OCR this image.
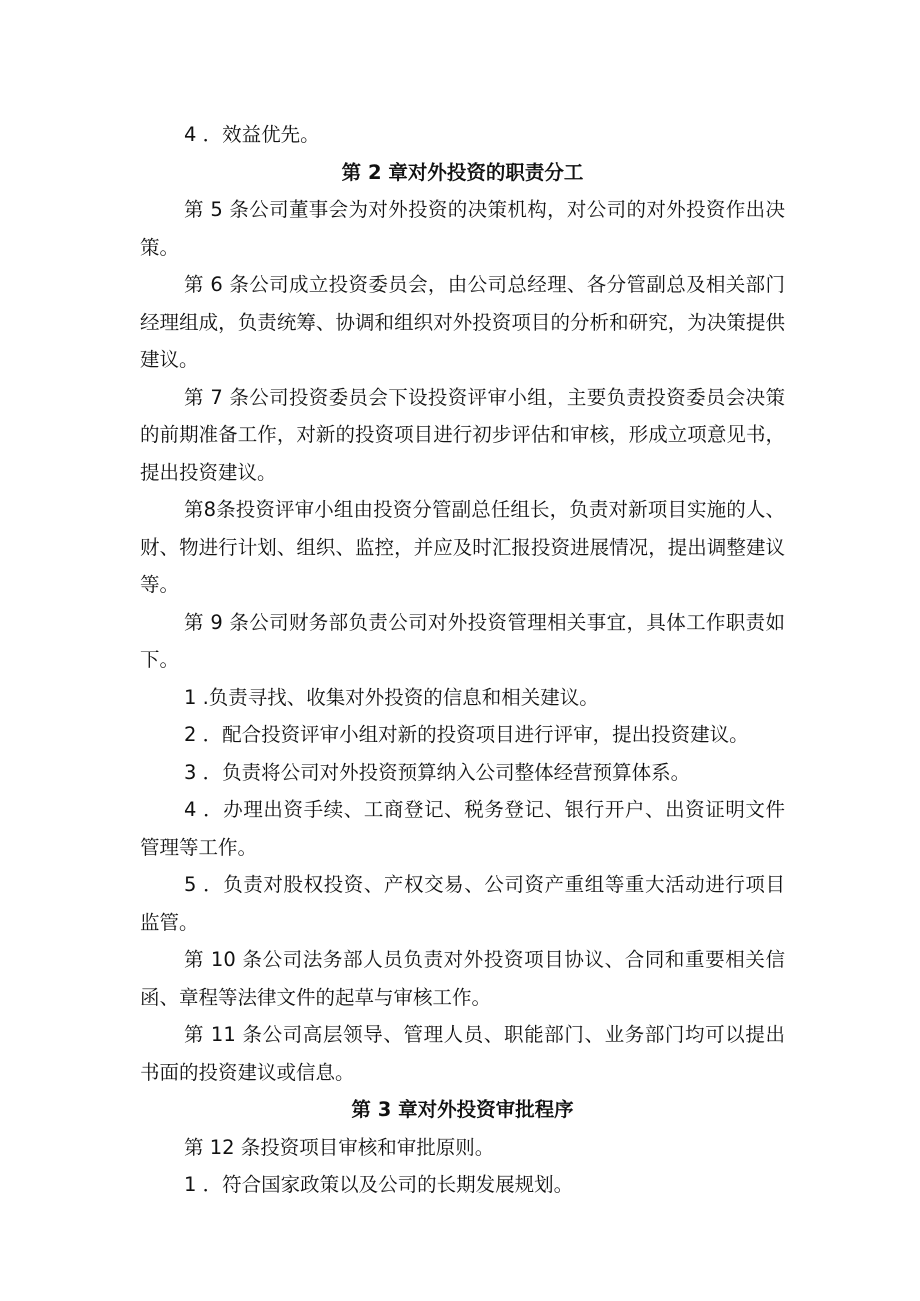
4 ．效益优先。

第 2 章对外投资的职责分工

第 5 条公司董事会为对外投资的决策机构，对公司的对外投资作出决策。

第 6 条公司成立投资委员会，由公司总经理、各分管副总及相关部门经理组成，负责统筹、协调和组织对外投资项目的分析和研究，为决策提供建议。

第 7 条公司投资委员会下设投资评审小组，主要负责投资委员会决策的前期准备工作，对新的投资项目进行初步评估和审核，形成立项意见书，提出投资建议。

第8条投资评审小组由投资分管副总任组长，负责对新项目实施的人、财、物进行计划、组织、监控，并应及时汇报投资进展情况，提出调整建议等。

第 9 条公司财务部负责公司对外投资管理相关事宜，具体工作职责如下。

1 .负责寻找、收集对外投资的信息和相关建议。

2 ．配合投资评审小组对新的投资项目进行评审，提出投资建议。

3 ．负责将公司对外投资预算纳入公司整体经营预算体系。

4 ．办理出资手续、工商登记、税务登记、银行开户、出资证明文件管理等工作。

5 ．负责对股权投资、产权交易、公司资产重组等重大活动进行项目监管。

第 10 条公司法务部人员负责对外投资项目协议、合同和重要相关信函、章程等法律文件的起草与审核工作。

第 11 条公司高层领导、管理人员、职能部门、业务部门均可以提出书面的投资建议或信息。

第 3 章对外投资审批程序

第 12 条投资项目审核和审批原则。

1 ．符合国家政策以及公司的长期发展规划。
